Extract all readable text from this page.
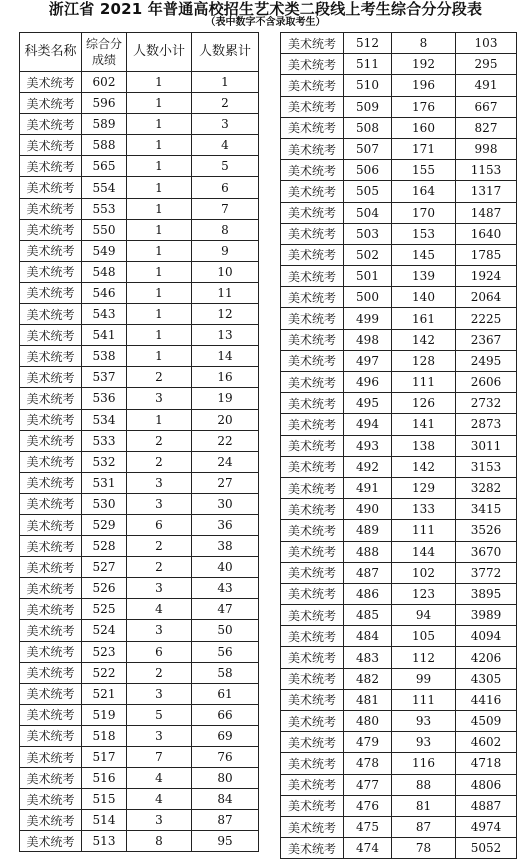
浙江省 2021 年普通高校招生艺术类二段线上考生综合分分段表
（表中数字不含录取考生）
科类名称	综合分
成绩	人数小计	人数累计
美术统考	602	1	1
美术统考	596	1	2
美术统考	589	1	3
美术统考	588	1	4
美术统考	565	1	5
美术统考	554	1	6
美术统考	553	1	7
美术统考	550	1	8
美术统考	549	1	9
美术统考	548	1	10
美术统考	546	1	11
美术统考	543	1	12
美术统考	541	1	13
美术统考	538	1	14
美术统考	537	2	16
美术统考	536	3	19
美术统考	534	1	20
美术统考	533	2	22
美术统考	532	2	24
美术统考	531	3	27
美术统考	530	3	30
美术统考	529	6	36
美术统考	528	2	38
美术统考	527	2	40
美术统考	526	3	43
美术统考	525	4	47
美术统考	524	3	50
美术统考	523	6	56
美术统考	522	2	58
美术统考	521	3	61
美术统考	519	5	66
美术统考	518	3	69
美术统考	517	7	76
美术统考	516	4	80
美术统考	515	4	84
美术统考	514	3	87
美术统考	513	8	95
美术统考	512	8	103
美术统考	511	192	295
美术统考	510	196	491
美术统考	509	176	667
美术统考	508	160	827
美术统考	507	171	998
美术统考	506	155	1153
美术统考	505	164	1317
美术统考	504	170	1487
美术统考	503	153	1640
美术统考	502	145	1785
美术统考	501	139	1924
美术统考	500	140	2064
美术统考	499	161	2225
美术统考	498	142	2367
美术统考	497	128	2495
美术统考	496	111	2606
美术统考	495	126	2732
美术统考	494	141	2873
美术统考	493	138	3011
美术统考	492	142	3153
美术统考	491	129	3282
美术统考	490	133	3415
美术统考	489	111	3526
美术统考	488	144	3670
美术统考	487	102	3772
美术统考	486	123	3895
美术统考	485	94	3989
美术统考	484	105	4094
美术统考	483	112	4206
美术统考	482	99	4305
美术统考	481	111	4416
美术统考	480	93	4509
美术统考	479	93	4602
美术统考	478	116	4718
美术统考	477	88	4806
美术统考	476	81	4887
美术统考	475	87	4974
美术统考	474	78	5052
